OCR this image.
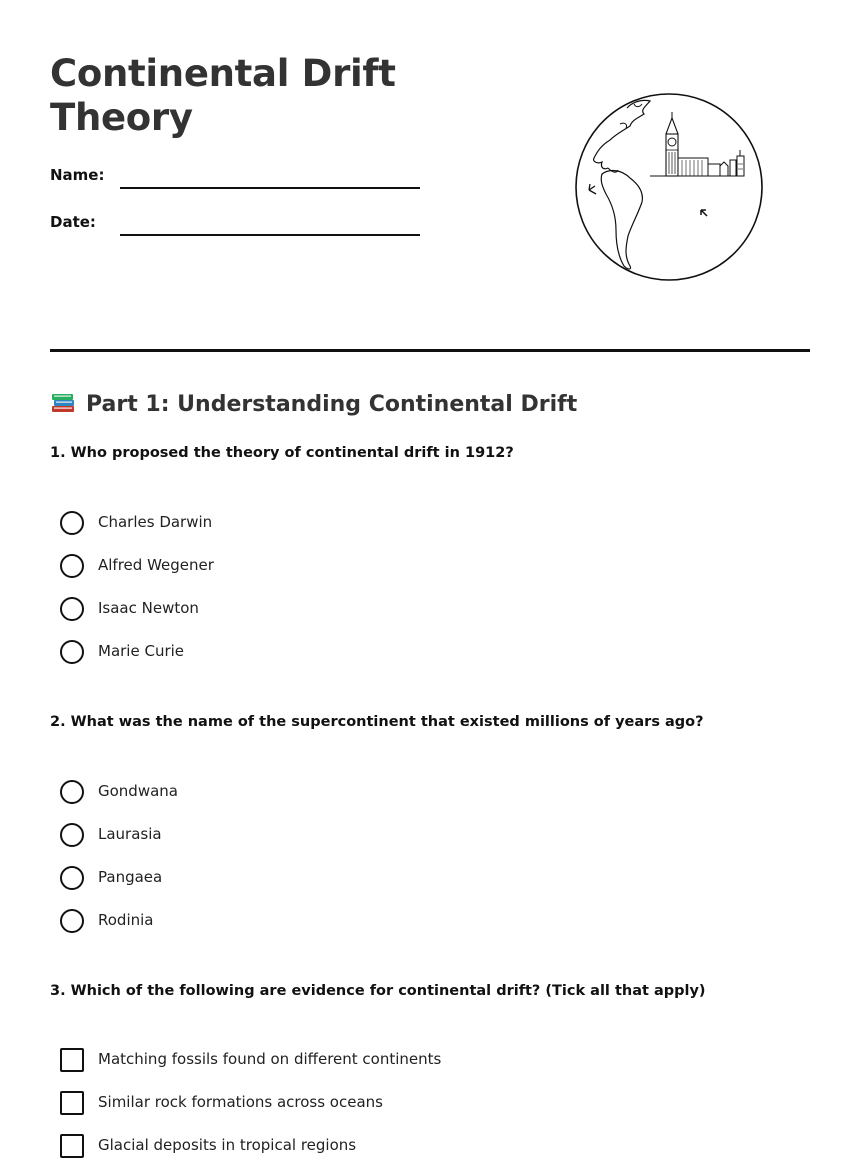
Continental Drift
Theory
Name:
Date:
Part 1: Understanding Continental Drift

1. Who proposed the theory of continental drift in 1912?

Charles Darwin
Alfred Wegener
Isaac Newton
Marie Curie

2. What was the name of the supercontinent that existed millions of years ago?

Gondwana
Laurasia
Pangaea
Rodinia

3. Which of the following are evidence for continental drift? (Tick all that apply)

Matching fossils found on different continents
Similar rock formations across oceans
Glacial deposits in tropical regions
